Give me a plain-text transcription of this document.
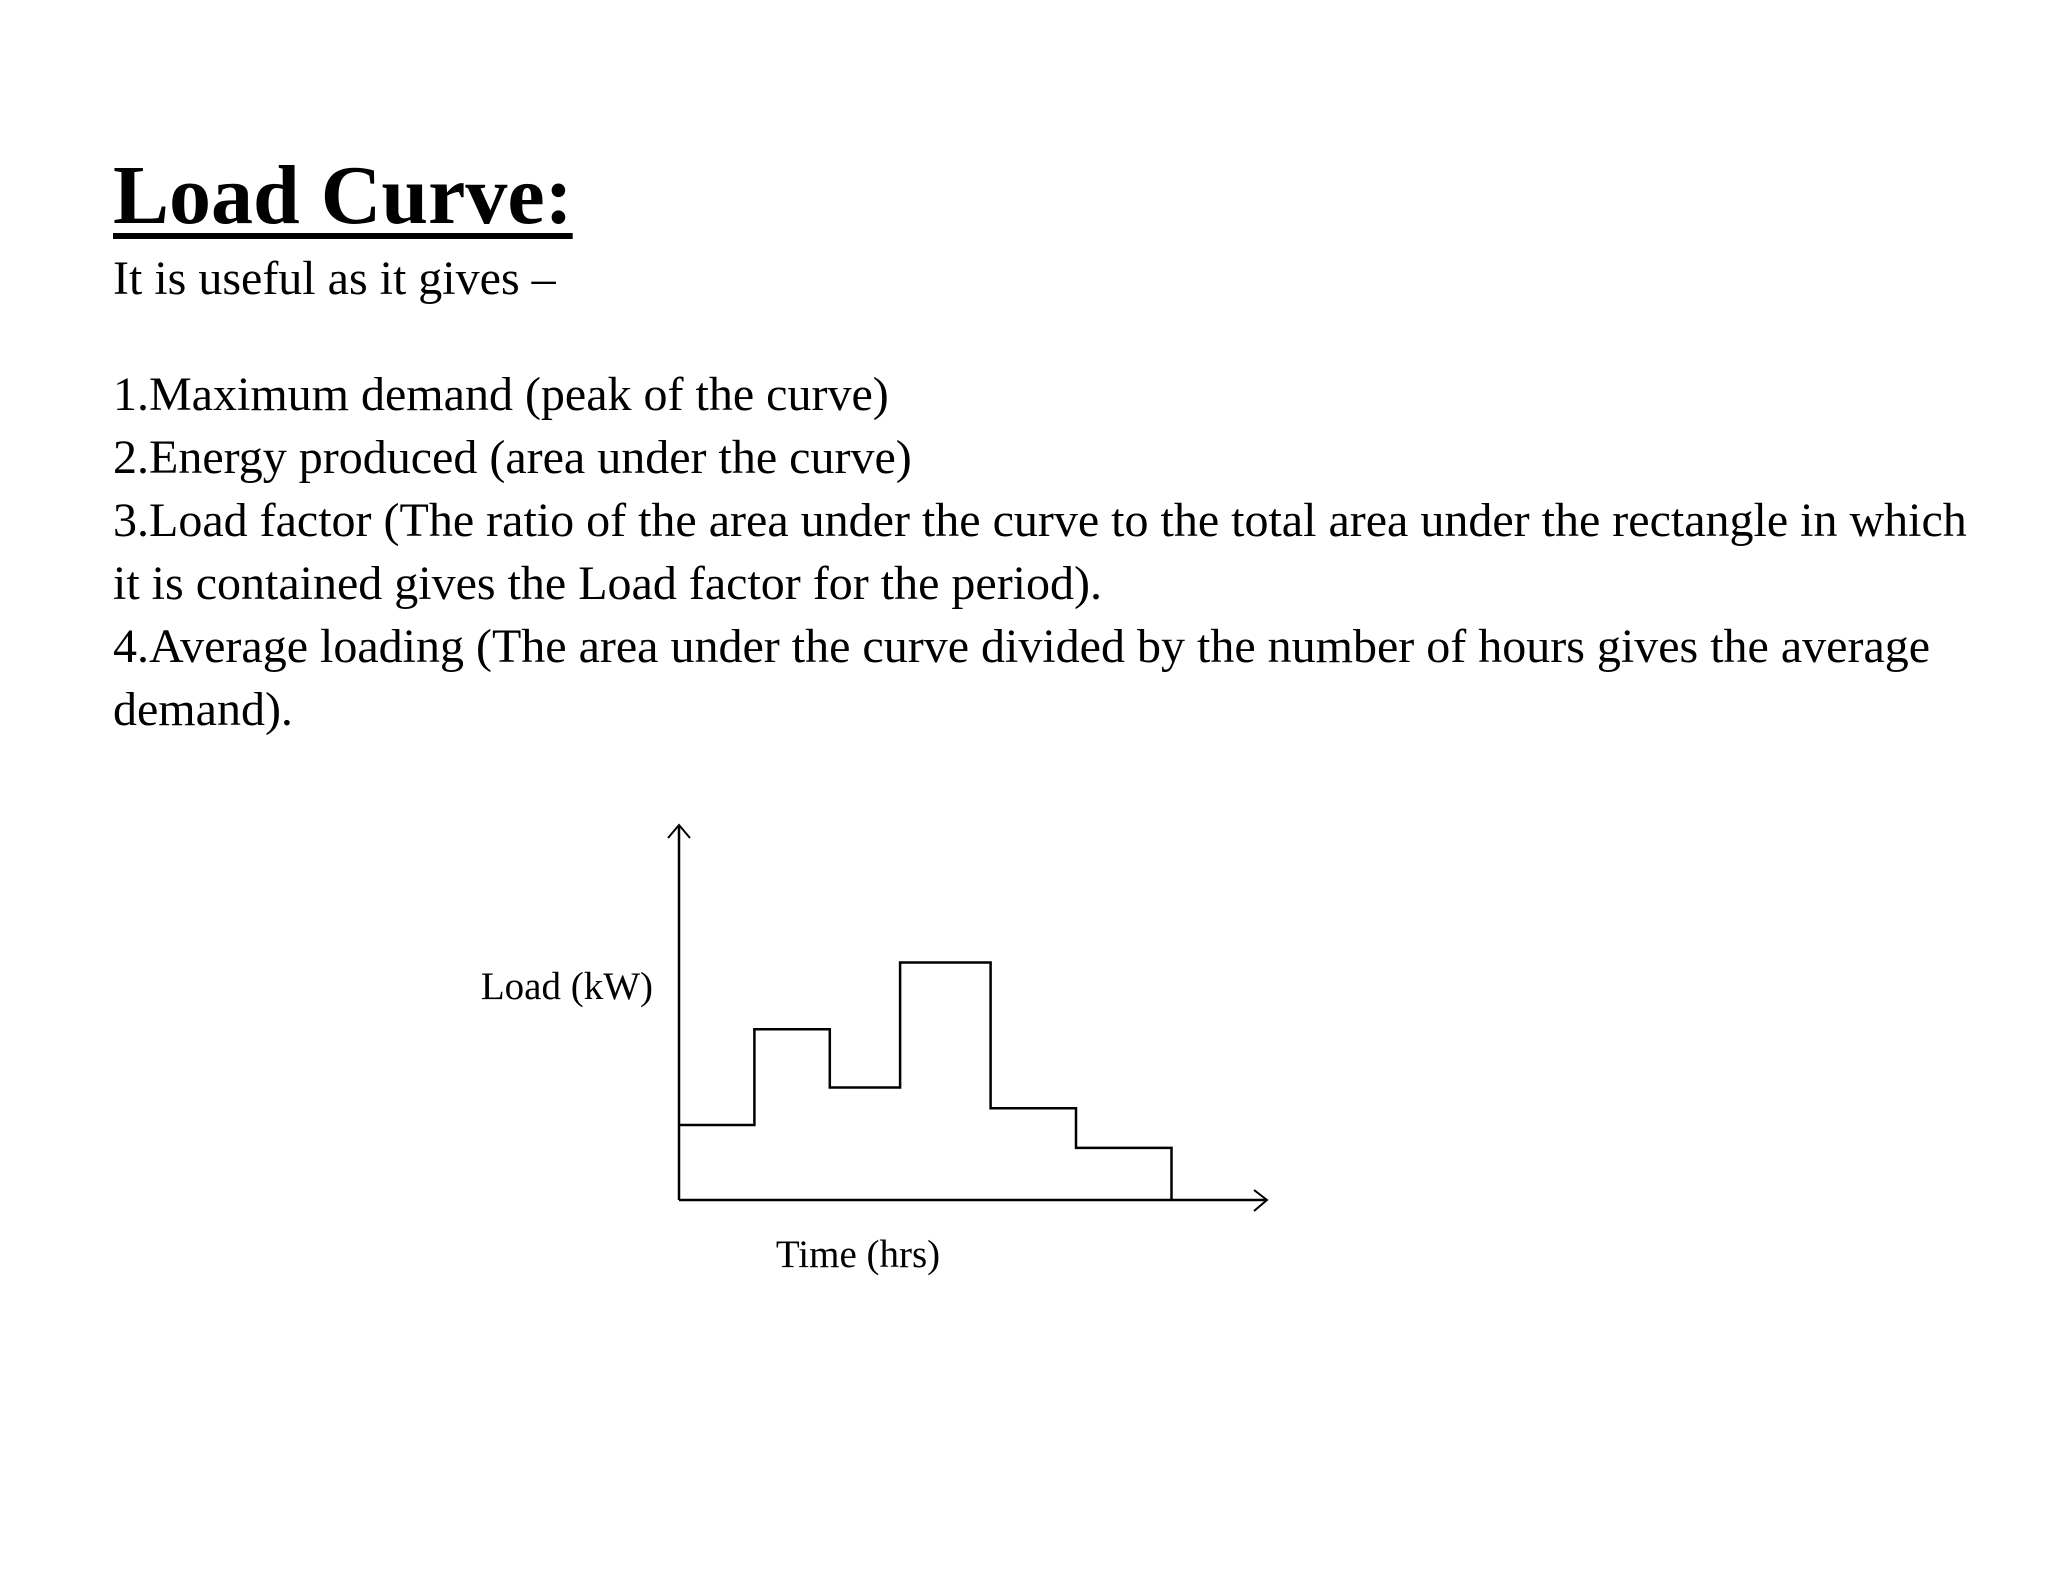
Load Curve:

It is useful as it gives –

1.Maximum demand (peak of the curve)
2.Energy produced (area under the curve)
3.Load factor (The ratio of the area under the curve to the total area under the rectangle in which it is contained gives the Load factor for the period).
4.Average loading (The area under the curve divided by the number of hours gives the average demand).
Load (kW)
Time (hrs)
